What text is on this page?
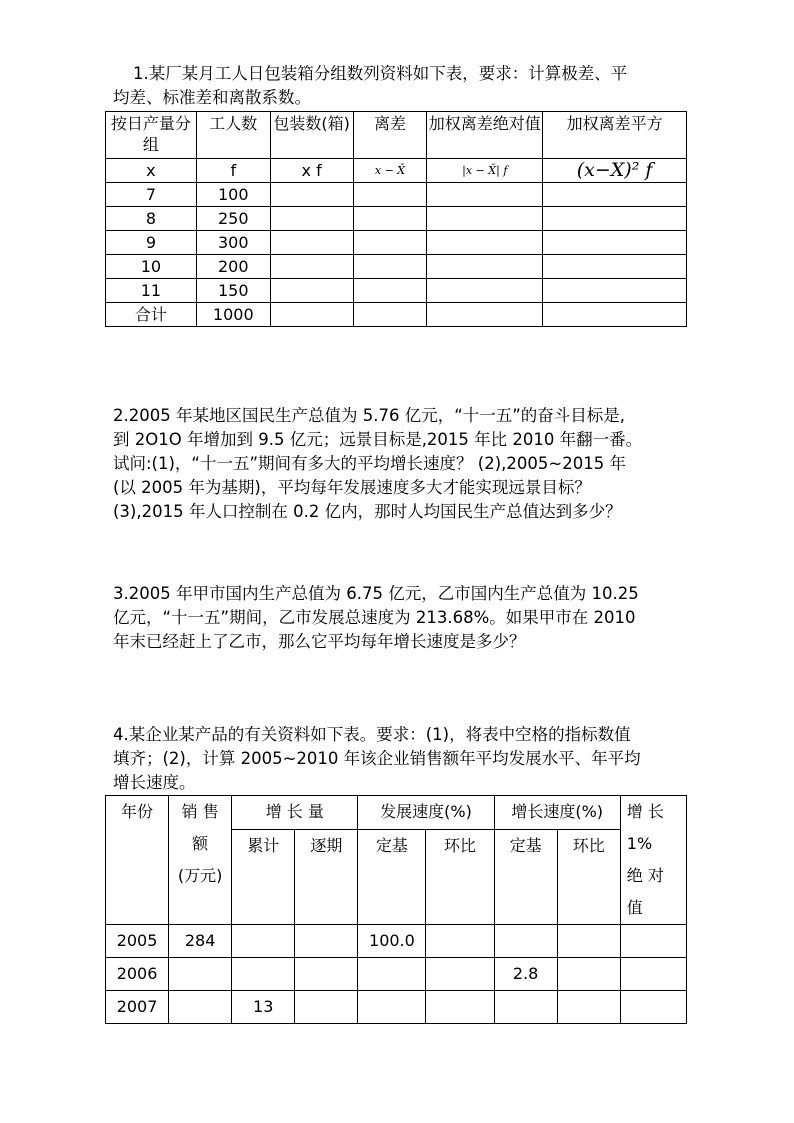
1.某厂某月工人日包装箱分组数列资料如下表，要求：计算极差、平
均差、标准差和离散系数。

按日产量分组	工人数	包装数(箱)	离差	加权离差绝对值	加权离差平方
x	f	x f	x − X̄	|x − X̄| f	(x−X)² f
7	100				
8	250				
9	300				
10	200				
11	150				
合计	1000				

2.2005 年某地区国民生产总值为 5.76 亿元，“十一五”的奋斗目标是,
到 2O1O 年增加到 9.5 亿元；远景目标是,2015 年比 2010 年翻一番。
试问:(1)，“十一五”期间有多大的平均增长速度？ (2),2005~2015 年
(以 2005 年为基期)，平均每年发展速度多大才能实现远景目标？
(3),2015 年人口控制在 0.2 亿内，那时人均国民生产总值达到多少？

3.2005 年甲市国内生产总值为 6.75 亿元，乙市国内生产总值为 10.25
亿元，“十一五”期间，乙市发展总速度为 213.68%。如果甲市在 2010
年末已经赶上了乙市，那么它平均每年增长速度是多少？

4.某企业某产品的有关资料如下表。要求：(1)，将表中空格的指标数值
填齐；(2)，计算 2005~2010 年该企业销售额年平均发展水平、年平均
增长速度。

年份	销 售
额
(万元)	增 长 量		发展速度(%)		增长速度(%)		增 长
1%
绝 对
值
		累计	逐期	定基	环比	定基	环比	
2005	284			100.0				
2006						2.8		
2007		13						
